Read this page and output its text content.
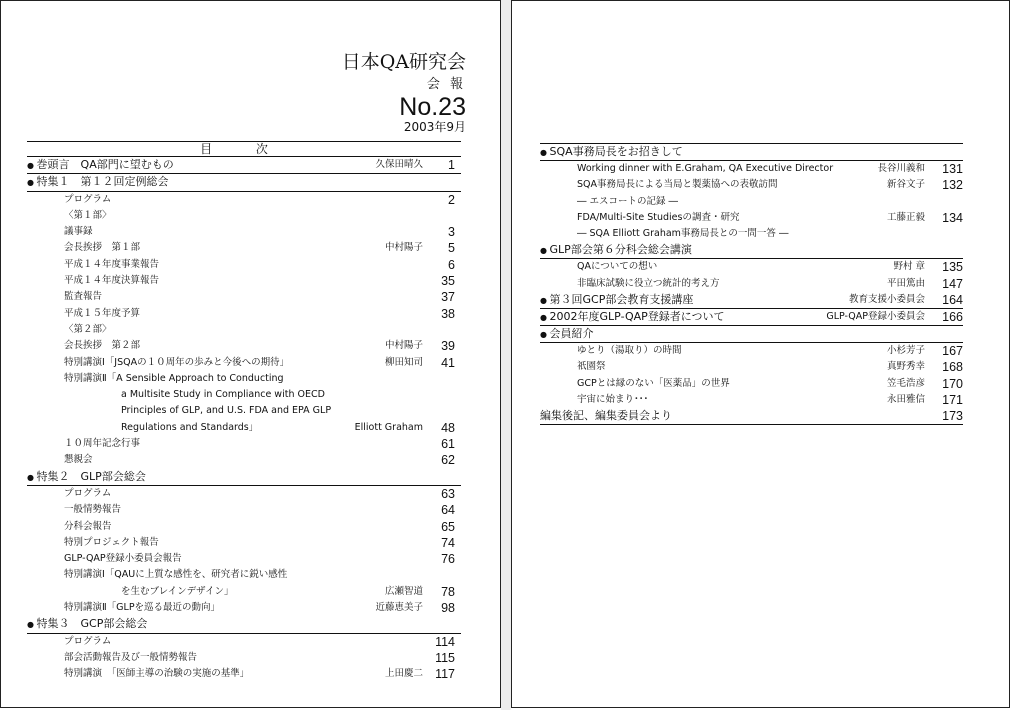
日本QA研究会
会 報
No.23
2003年9月
目 次
● 巻頭言　QA部門に望むもの	久保田晴久 1
● 特集１　第１２回定例総会
プログラム	2
〈第１部〉
議事録	3
会長挨拶　第１部	中村陽子 5
平成１４年度事業報告	6
平成１４年度決算報告	35
監査報告	37
平成１５年度予算	38
〈第２部〉
会長挨拶　第２部	中村陽子 39
特別講演Ⅰ「JSQAの１０周年の歩みと今後への期待」	柳田知司 41
特別講演Ⅱ「A Sensible Approach to Conducting
a Multisite Study in Compliance with OECD
Principles of GLP, and U.S. FDA and EPA GLP
Regulations and Standards」	Elliott Graham 48
１０周年記念行事	61
懇親会	62
● 特集２　GLP部会総会
プログラム	63
一般情勢報告	64
分科会報告	65
特別プロジェクト報告	74
GLP-QAP登録小委員会報告	76
特別講演Ⅰ「QAUに上質な感性を、研究者に鋭い感性
を生むブレインデザイン」	広瀬智道 78
特別講演Ⅱ「GLPを巡る最近の動向」	近藤恵美子 98
● 特集３　GCP部会総会
プログラム	114
部会活動報告及び一般情勢報告	115
特別講演　「医師主導の治験の実施の基準」	上田慶二 117
● SQA事務局長をお招きして
Working dinner with E.Graham, QA Executive Director	長谷川義和 131
SQA事務局長による当局と製薬協への表敬訪問	新谷文子 132
― エスコートの記録 ―
FDA/Multi-Site Studiesの調査・研究	工藤正毅 134
― SQA Elliott Graham事務局長との一問一答 ―
● GLP部会第６分科会総会講演
QAについての想い	野村 章 135
非臨床試験に役立つ統計的考え方	平田篤由 147
● 第３回GCP部会教育支援講座	教育支援小委員会 164
● 2002年度GLP-QAP登録者について	GLP-QAP登録小委員会 166
● 会員紹介
ゆとり（湯取り）の時間	小杉芳子 167
祇園祭	真野秀幸 168
GCPとは縁のない「医薬品」の世界	笠毛浩彦 170
宇宙に始まり･･･	永田雅信 171
編集後記、編集委員会より	173
